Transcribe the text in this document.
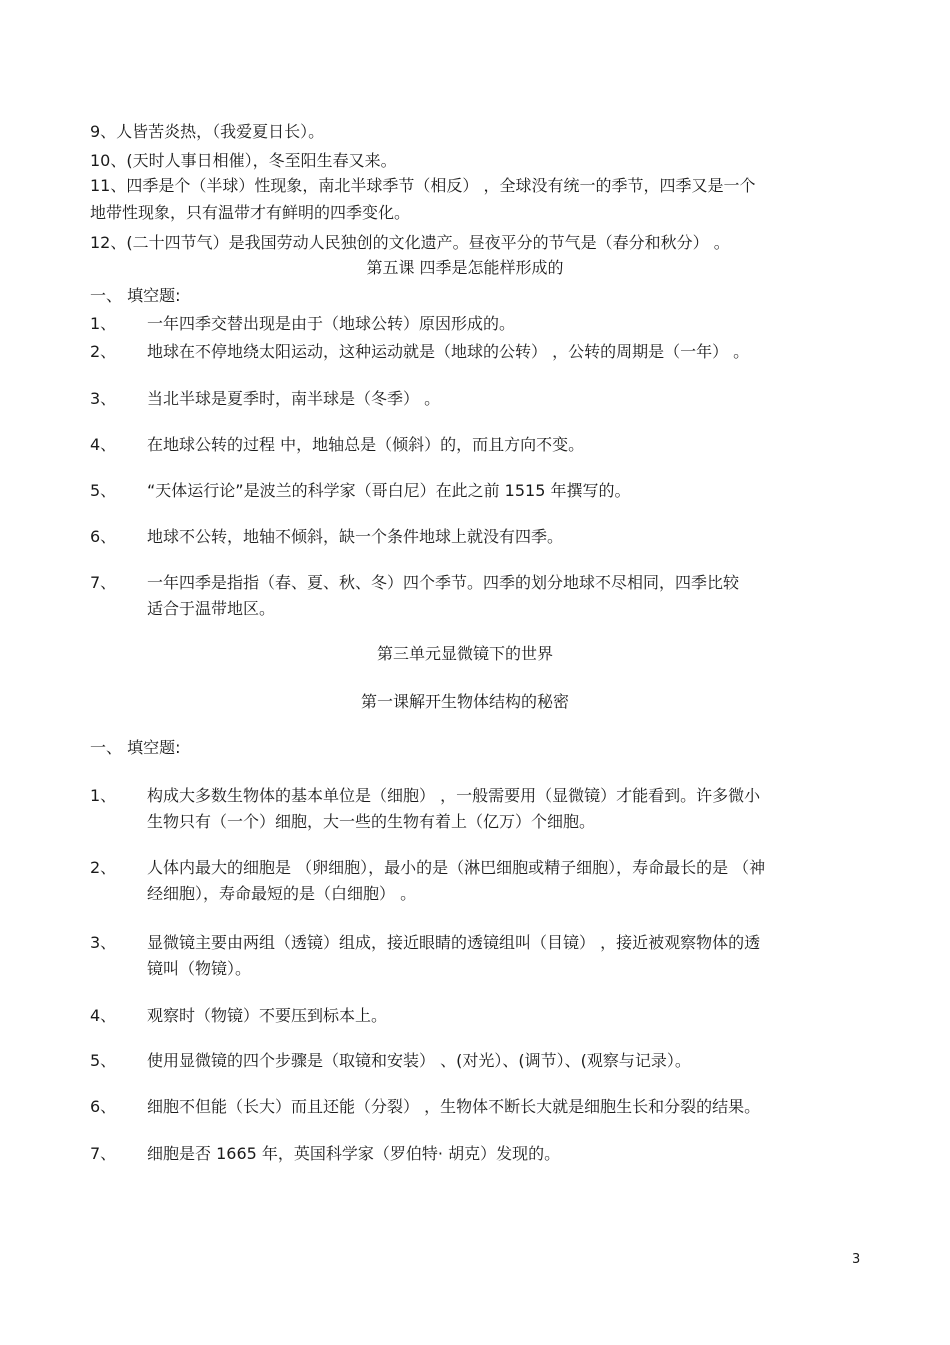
9、人皆苦炎热，（我爱夏日长）。
10、(天时人事日相催），冬至阳生春又来。
11、四季是个（半球）性现象，南北半球季节（相反） ，全球没有统一的季节，四季又是一个
地带性现象，只有温带才有鲜明的四季变化。
12、(二十四节气）是我国劳动人民独创的文化遗产。昼夜平分的节气是（春分和秋分） 。
第五课 四季是怎能样形成的
一、 填空题:
1、 一年四季交替出现是由于（地球公转）原因形成的。
2、 地球在不停地绕太阳运动，这种运动就是（地球的公转） ，公转的周期是（一年） 。
3、 当北半球是夏季时，南半球是（冬季） 。
4、 在地球公转的过程 中，地轴总是（倾斜）的，而且方向不变。
5、 “天体运行论”是波兰的科学家（哥白尼）在此之前 1515 年撰写的。
6、 地球不公转，地轴不倾斜，缺一个条件地球上就没有四季。
7、 一年四季是指指（春、夏、秋、冬）四个季节。四季的划分地球不尽相同，四季比较
适合于温带地区。
第三单元显微镜下的世界
第一课解开生物体结构的秘密
一、 填空题:
1、 构成大多数生物体的基本单位是（细胞） ，一般需要用（显微镜）才能看到。许多微小
生物只有（一个）细胞，大一些的生物有着上（亿万）个细胞。
2、 人体内最大的细胞是 （卵细胞），最小的是（淋巴细胞或精子细胞），寿命最长的是 （神
经细胞），寿命最短的是（白细胞） 。
3、 显微镜主要由两组（透镜）组成，接近眼睛的透镜组叫（目镜） ，接近被观察物体的透
镜叫（物镜）。
4、 观察时（物镜）不要压到标本上。
5、 使用显微镜的四个步骤是（取镜和安装） 、(对光）、(调节）、(观察与记录）。
6、 细胞不但能（长大）而且还能（分裂） ，生物体不断长大就是细胞生长和分裂的结果。
7、 细胞是否 1665 年，英国科学家（罗伯特· 胡克）发现的。
3
